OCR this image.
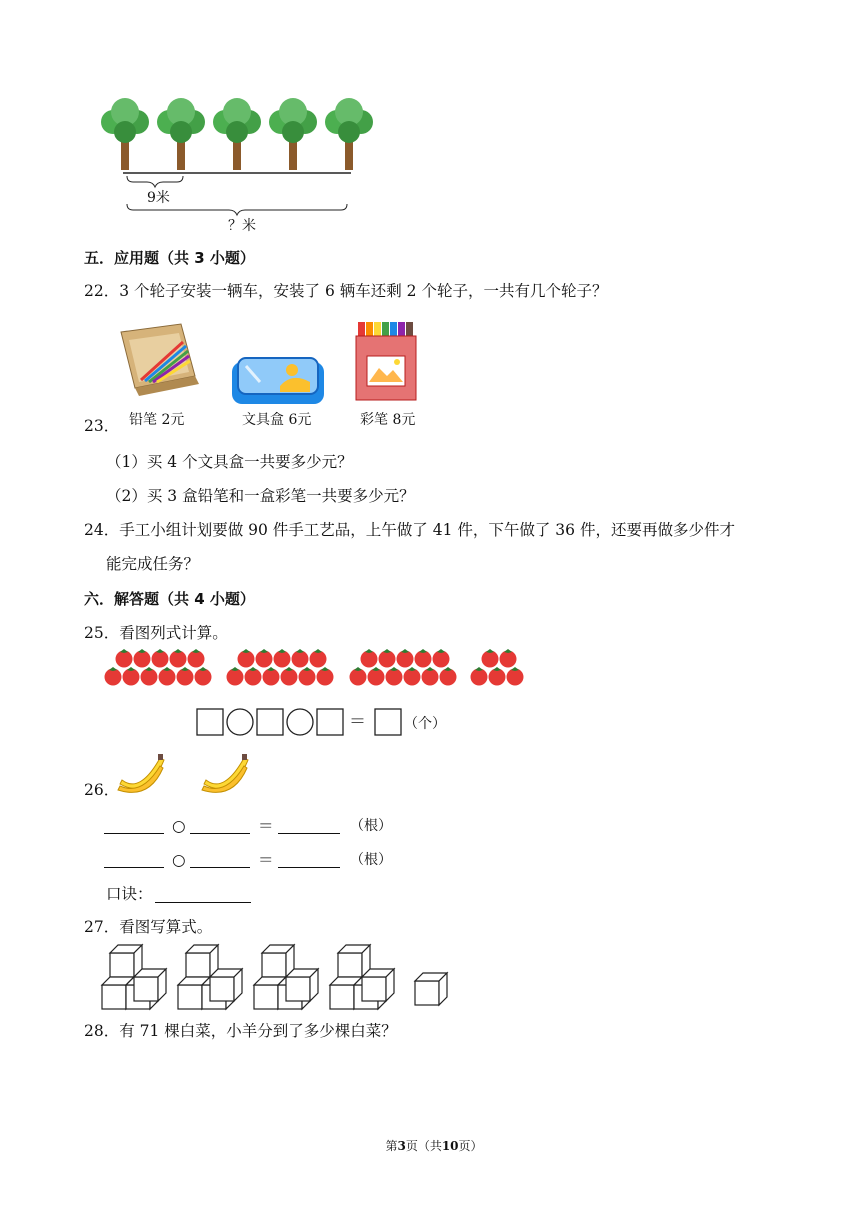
9米
？米
五．应用题（共 3 小题）
22．3 个轮子安装一辆车，安装了 6 辆车还剩 2 个轮子，一共有几个轮子？
23． 铅笔 2元	文具盒 6元	彩笔 8元
（1）买 4 个文具盒一共要多少元？
（2）买 3 盒铅笔和一盒彩笔一共要多少元？
24．手工小组计划要做 90 件手工艺品，上午做了 41 件，下午做了 36 件，还要再做多少件才
能完成任务？
六．解答题（共 4 小题）
25．看图列式计算。
＝	（个）
26．
○	＝	（根）
○	＝	（根）
口诀：
27．看图写算式。
28．有 71 棵白菜，小羊分到了多少棵白菜？
第3页（共10页）
